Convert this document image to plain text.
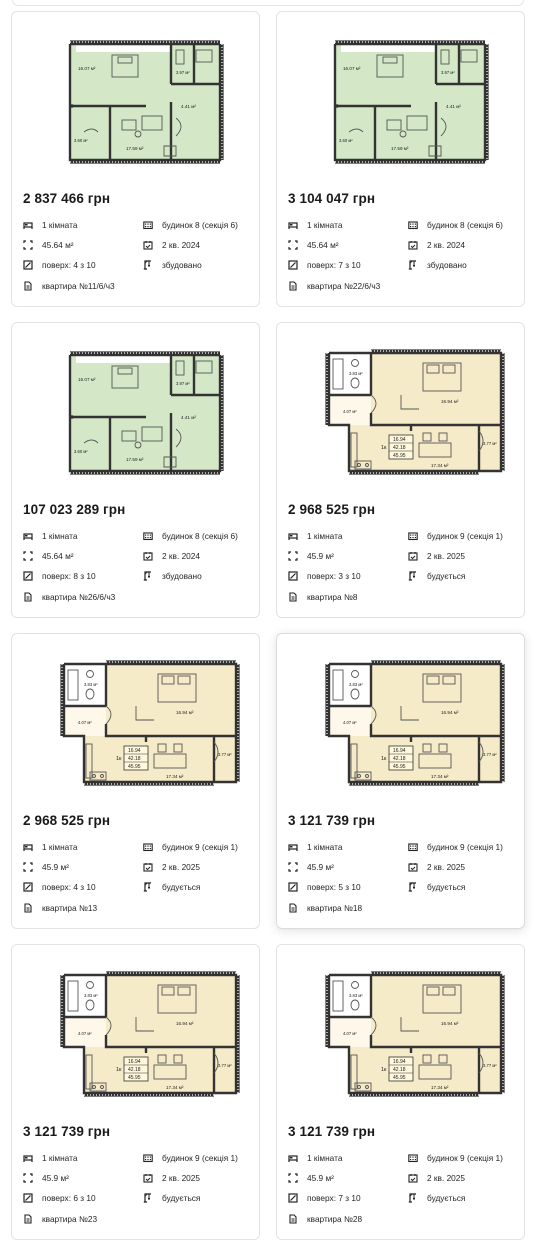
16.07 м²
3.97 м²
4.41 м²
3.60 м²
17.59 м²
2 837 466 грн
1 кімната
45.64 м²
поверх: 4 з 10
квартира №11/6/ч3
будинок 8 (секція 6)
2 кв. 2024
збудовано
16.07 м²
3.97 м²
4.41 м²
3.60 м²
17.59 м²
3 104 047 грн
1 кімната
45.64 м²
поверх: 7 з 10
квартира №22/6/ч3
будинок 8 (секція 6)
2 кв. 2024
збудовано
16.07 м²
3.97 м²
4.41 м²
3.60 м²
17.59 м²
107 023 289 грн
1 кімната
45.64 м²
поверх: 8 з 10
квартира №26/6/ч3
будинок 8 (секція 6)
2 кв. 2024
збудовано
3.83 м²
16.94 м²
4.07 м²
1к
16.94
42.18
45.95
3.77 м²
17.34 м²
2 968 525 грн
1 кімната
45.9 м²
поверх: 3 з 10
квартира №8
будинок 9 (секція 1)
2 кв. 2025
будується
3.83 м²
16.94 м²
4.07 м²
1к
16.94
42.18
45.95
3.77 м²
17.34 м²
2 968 525 грн
1 кімната
45.9 м²
поверх: 4 з 10
квартира №13
будинок 9 (секція 1)
2 кв. 2025
будується
3.83 м²
16.94 м²
4.07 м²
1к
16.94
42.18
45.95
3.77 м²
17.34 м²
3 121 739 грн
1 кімната
45.9 м²
поверх: 5 з 10
квартира №18
будинок 9 (секція 1)
2 кв. 2025
будується
3.83 м²
16.94 м²
4.07 м²
1к
16.94
42.18
45.95
3.77 м²
17.34 м²
3 121 739 грн
1 кімната
45.9 м²
поверх: 6 з 10
квартира №23
будинок 9 (секція 1)
2 кв. 2025
будується
3.83 м²
16.94 м²
4.07 м²
1к
16.94
42.18
45.95
3.77 м²
17.34 м²
3 121 739 грн
1 кімната
45.9 м²
поверх: 7 з 10
квартира №28
будинок 9 (секція 1)
2 кв. 2025
будується
